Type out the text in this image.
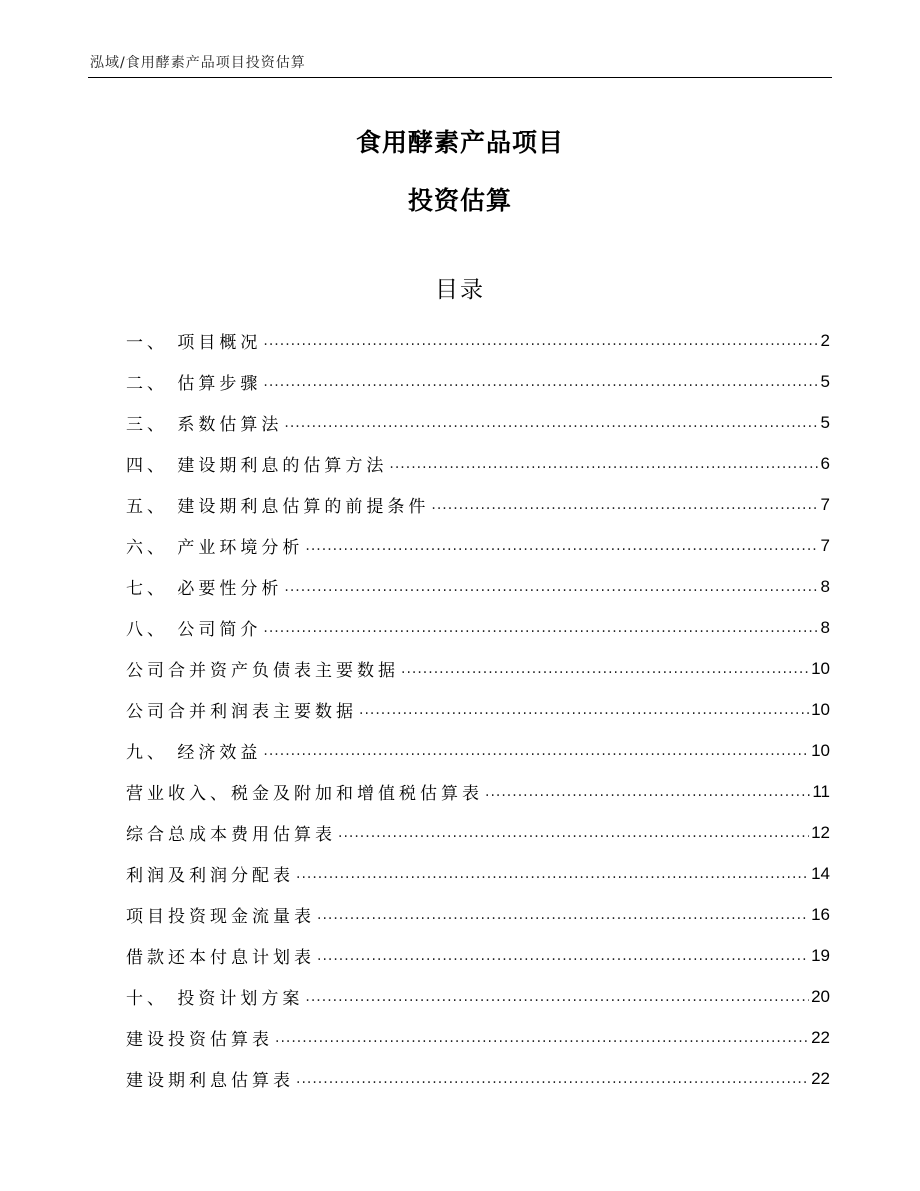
泓域/食用酵素产品项目投资估算
食用酵素产品项目
投资估算
目录
一、 项目概况 .....	2
二、 估算步骤 .....	5
三、 系数估算法 .....	5
四、 建设期利息的估算方法 .....	6
五、 建设期利息估算的前提条件 .....	7
六、 产业环境分析 .....	7
七、 必要性分析 .....	8
八、 公司简介 .....	8
公司合并资产负债表主要数据 .....	10
公司合并利润表主要数据 .....	10
九、 经济效益 .....	10
营业收入、税金及附加和增值税估算表 .....	11
综合总成本费用估算表 .....	12
利润及利润分配表 .....	14
项目投资现金流量表 .....	16
借款还本付息计划表 .....	19
十、 投资计划方案 .....	20
建设投资估算表 .....	22
建设期利息估算表 .....	22
